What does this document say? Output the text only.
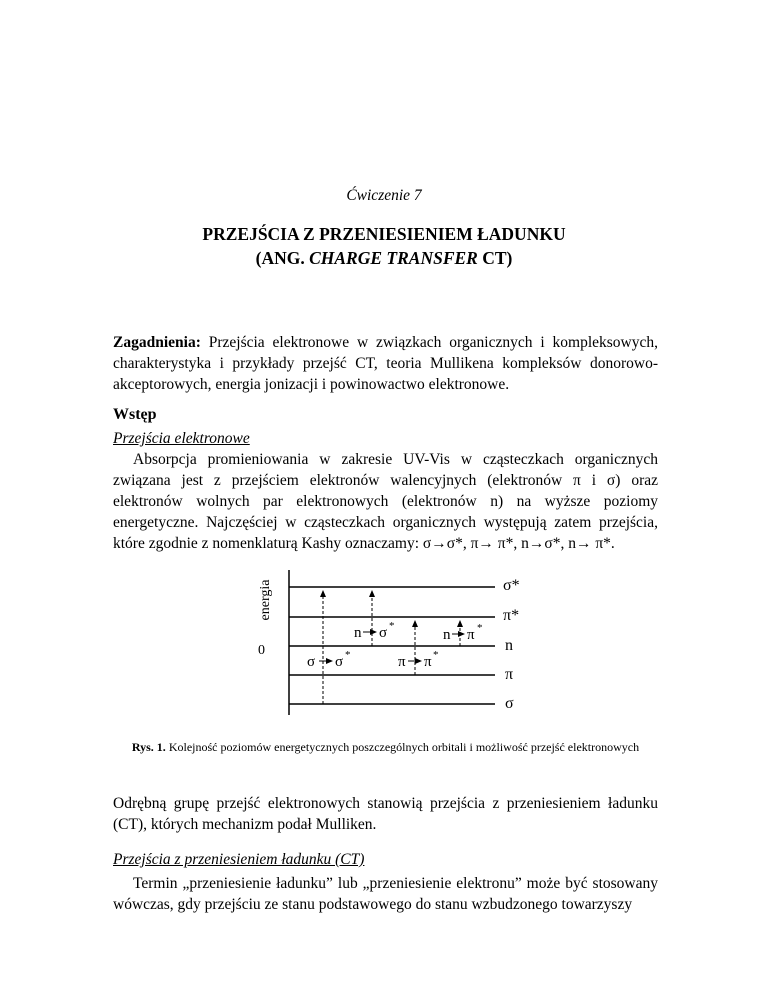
Ćwiczenie 7
PRZEJŚCIA Z PRZENIESIENIEM ŁADUNKU
(ANG. CHARGE TRANSFER CT)
Zagadnienia: Przejścia elektronowe w związkach organicznych i kompleksowych, charakterystyka i przykłady przejść CT, teoria Mullikena kompleksów donorowo-akceptorowych, energia jonizacji i powinowactwo elektronowe.
Wstęp
Przejścia elektronowe
Absorpcja promieniowania w zakresie UV-Vis w cząsteczkach organicznych związana jest z przejściem elektronów walencyjnych (elektronów π i σ) oraz elektronów wolnych par elektronowych (elektronów n) na wyższe poziomy energetyczne. Najczęściej w cząsteczkach organicznych występują zatem przejścia, które zgodnie z nomenklaturą Kashy oznaczamy: σ→σ*, π→ π*, n→σ*, n→ π*.
energia
0
σ*
π*
n
π
σ
σ σ *
n σ *
π π *
n π *
Rys. 1. Kolejność poziomów energetycznych poszczególnych orbitali i możliwość przejść elektronowych
Odrębną grupę przejść elektronowych stanowią przejścia z przeniesieniem ładunku (CT), których mechanizm podał Mulliken.
Przejścia z przeniesieniem ładunku (CT)
Termin „przeniesienie ładunku” lub „przeniesienie elektronu” może być stosowany wówczas, gdy przejściu ze stanu podstawowego do stanu wzbudzonego towarzyszy
